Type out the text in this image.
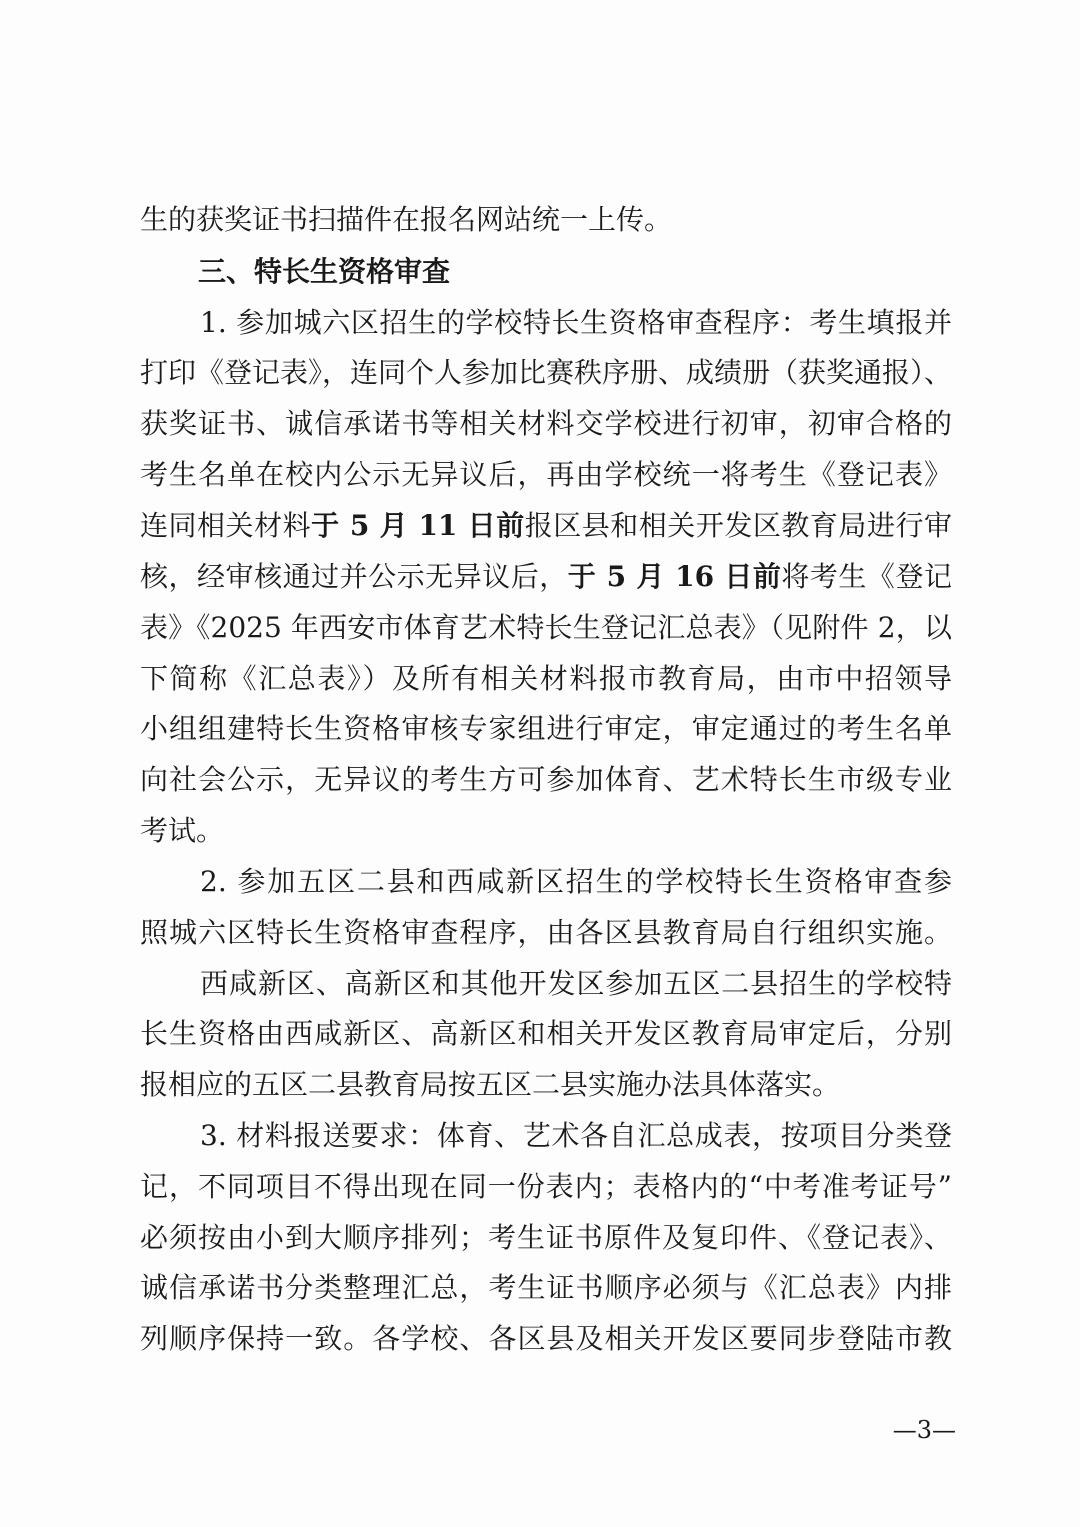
生的获奖证书扫描件在报名网站统一上传。
三、特长生资格审查
1. 参加城六区招生的学校特长生资格审查程序：考生填报并
打印《登记表》，连同个人参加比赛秩序册、成绩册（获奖通报）、
获奖证书、诚信承诺书等相关材料交学校进行初审，初审合格的
考生名单在校内公示无异议后，再由学校统一将考生《登记表》
连同相关材料于 5 月 11 日前报区县和相关开发区教育局进行审
核，经审核通过并公示无异议后，于 5 月 16 日前将考生《登记
表》《2025 年西安市体育艺术特长生登记汇总表》（见附件 2，以
下简称《汇总表》）及所有相关材料报市教育局，由市中招领导
小组组建特长生资格审核专家组进行审定，审定通过的考生名单
向社会公示，无异议的考生方可参加体育、艺术特长生市级专业
考试。
2. 参加五区二县和西咸新区招生的学校特长生资格审查参
照城六区特长生资格审查程序，由各区县教育局自行组织实施。
西咸新区、高新区和其他开发区参加五区二县招生的学校特
长生资格由西咸新区、高新区和相关开发区教育局审定后，分别
报相应的五区二县教育局按五区二县实施办法具体落实。
3. 材料报送要求：体育、艺术各自汇总成表，按项目分类登
记，不同项目不得出现在同一份表内；表格内的“中考准考证号”
必须按由小到大顺序排列；考生证书原件及复印件、《登记表》、
诚信承诺书分类整理汇总，考生证书顺序必须与《汇总表》内排
列顺序保持一致。各学校、各区县及相关开发区要同步登陆市教
—3—
